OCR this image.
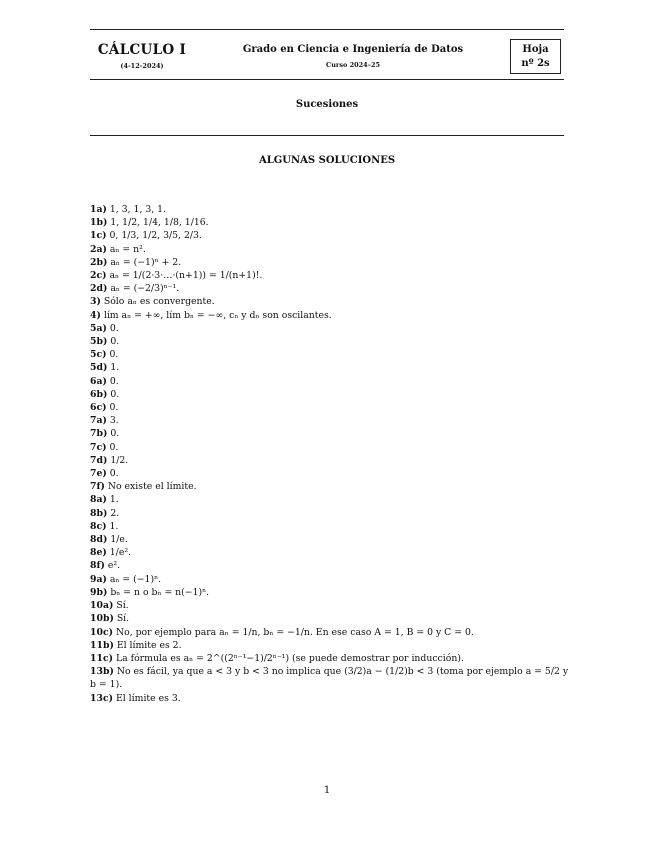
CÁLCULO I
(4-12-2024)
Grado en Ciencia e Ingeniería de Datos
Curso 2024–25
Hoja
nº 2s
Sucesiones
ALGUNAS SOLUCIONES
1a) 1, 3, 1, 3, 1.
1b) 1, 1/2, 1/4, 1/8, 1/16.
1c) 0, 1/3, 1/2, 3/5, 2/3.
2a) aₙ = n².
2b) aₙ = (−1)ⁿ + 2.
2c) aₙ = 1/(2·3·…·(n+1)) = 1/(n+1)!.
2d) aₙ = (−2/3)ⁿ⁻¹.
3) Sólo aₙ es convergente.
4) lím aₙ = +∞, lím bₙ = −∞, cₙ y dₙ son oscilantes.
5a) 0.
5b) 0.
5c) 0.
5d) 1.
6a) 0.
6b) 0.
6c) 0.
7a) 3.
7b) 0.
7c) 0.
7d) 1/2.
7e) 0.
7f) No existe el límite.
8a) 1.
8b) 2.
8c) 1.
8d) 1/e.
8e) 1/e².
8f) e².
9a) aₙ = (−1)ⁿ.
9b) bₙ = n o bₙ = n(−1)ⁿ.
10a) Sí.
10b) Sí.
10c) No, por ejemplo para aₙ = 1/n, bₙ = −1/n. En ese caso A = 1, B = 0 y C = 0.
11b) El límite es 2.
11c) La fórmula es aₙ = 2^((2ⁿ⁻¹−1)/2ⁿ⁻¹) (se puede demostrar por inducción).
13b) No es fácil, ya que a < 3 y b < 3 no implica que (3/2)a − (1/2)b < 3 (toma por ejemplo a = 5/2 y b = 1).
13c) El límite es 3.
1
